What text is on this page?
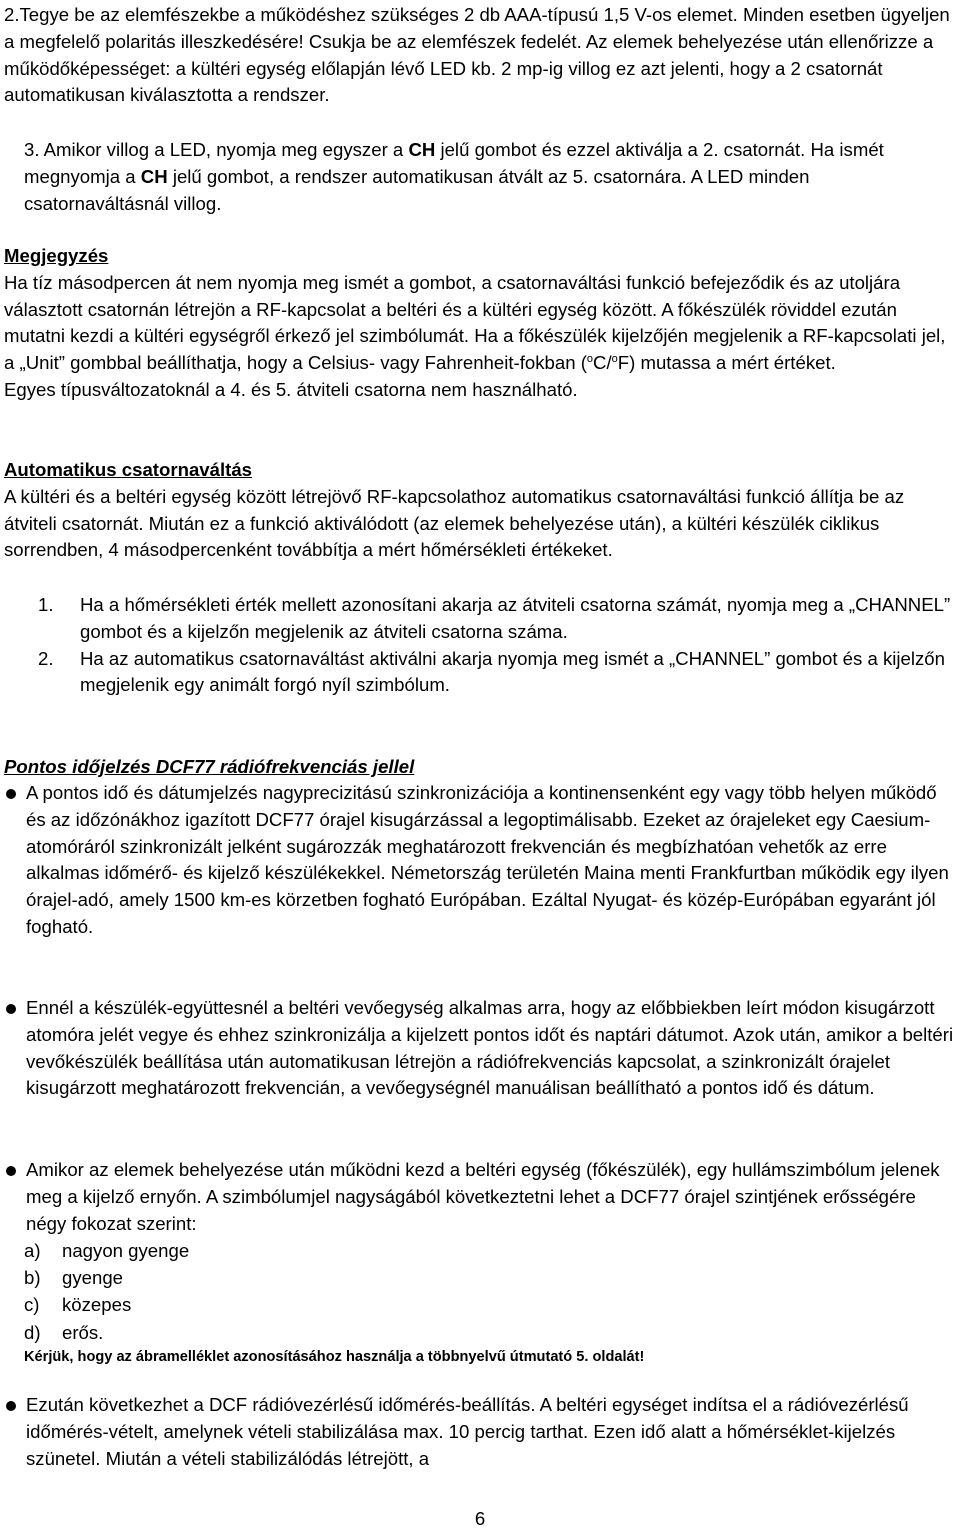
2.Tegye be az elemfészekbe a működéshez szükséges 2 db AAA-típusú 1,5 V-os elemet. Minden esetben ügyeljen a megfelelő polaritás illeszkedésére! Csukja be az elemfészek fedelét. Az elemek behelyezése után ellenőrizze a működőképességet: a kültéri egység előlapján lévő LED kb. 2 mp-ig villog ez azt jelenti, hogy a 2 csatornát automatikusan kiválasztotta a rendszer.

3. Amikor villog a LED, nyomja meg egyszer a CH jelű gombot és ezzel aktiválja a 2. csatornát. Ha ismét megnyomja a CH jelű gombot, a rendszer automatikusan átvált az 5. csatornára. A LED minden csatornaváltásnál villog.

Megjegyzés
Ha tíz másodpercen át nem nyomja meg ismét a gombot, a csatornaváltási funkció befejeződik és az utoljára választott csatornán létrejön a RF-kapcsolat a beltéri és a kültéri egység között. A főkészülék röviddel ezután mutatni kezdi a kültéri egységről érkező jel szimbólumát. Ha a főkészülék kijelzőjén megjelenik a RF-kapcsolati jel, a „Unit” gombbal beállíthatja, hogy a Celsius- vagy Fahrenheit-fokban ($^o$C/$^o$F) mutassa a mért értéket.
Egyes típusváltozatoknál a 4. és 5. átviteli csatorna nem használható.
Automatikus csatornaváltás
A kültéri és a beltéri egység között létrejövő RF-kapcsolathoz automatikus csatornaváltási funkció állítja be az átviteli csatornát. Miután ez a funkció aktiválódott (az elemek behelyezése után), a kültéri készülék ciklikus sorrendben, 4 másodpercenként továbbítja a mért hőmérsékleti értékeket.
1. Ha a hőmérsékleti érték mellett azonosítani akarja az átviteli csatorna számát, nyomja meg a „CHANNEL” gombot és a kijelzőn megjelenik az átviteli csatorna száma.
2. Ha az automatikus csatornaváltást aktiválni akarja nyomja meg ismét a „CHANNEL” gombot és a kijelzőn megjelenik egy animált forgó nyíl szimbólum.
Pontos időjelzés DCF77 rádiófrekvenciás jellel
A pontos idő és dátumjelzés nagyprecizitású szinkronizációja a kontinensenként egy vagy több helyen működő és az időzónákhoz igazított DCF77 órajel kisugárzással a legoptimálisabb. Ezeket az órajeleket egy Caesium-atomóráról szinkronizált jelként sugározzák meghatározott frekvencián és megbízhatóan vehetők az erre alkalmas időmérő- és kijelző készülékekkel. Németország területén Maina menti Frankfurtban működik egy ilyen órajel-adó, amely 1500 km-es körzetben fogható Európában. Ezáltal Nyugat- és közép-Európában egyaránt jól fogható.
Ennél a készülék-együttesnél a beltéri vevőegység alkalmas arra, hogy az előbbiekben leírt módon kisugárzott atomóra jelét vegye és ehhez szinkronizálja a kijelzett pontos időt és naptári dátumot. Azok után, amikor a beltéri vevőkészülék beállítása után automatikusan létrejön a rádiófrekvenciás kapcsolat, a szinkronizált órajelet kisugárzott meghatározott frekvencián, a vevőegységnél manuálisan beállítható a pontos idő és dátum.
Amikor az elemek behelyezése után működni kezd a beltéri egység (főkészülék), egy hullámszimbólum jelenek meg a kijelző ernyőn. A szimbólumjel nagyságából következtetni lehet a DCF77 órajel szintjének erősségére négy fokozat szerint:
a) nagyon gyenge
b) gyenge
c) közepes
d) erős.
Kérjük, hogy az ábramelléklet azonosításához használja a többnyelvű útmutató 5. oldalát!
Ezután következhet a DCF rádióvezérlésű időmérés-beállítás. A beltéri egységet indítsa el a rádióvezérlésű időmérés-vételt, amelynek vételi stabilizálása max. 10 percig tarthat. Ezen idő alatt a hőmérséklet-kijelzés szünetel. Miután a vételi stabilizálódás létrejött, a
6
